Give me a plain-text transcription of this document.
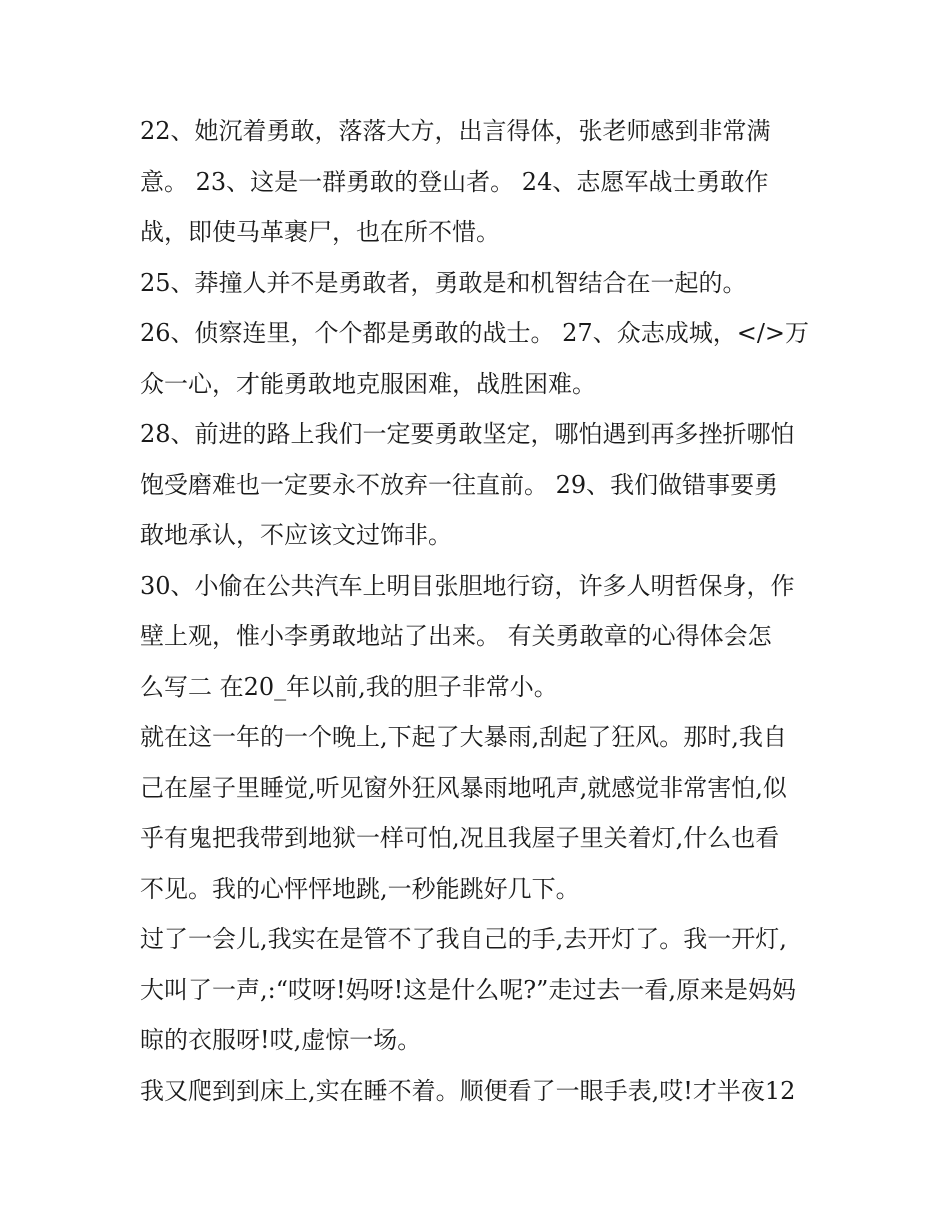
22、她沉着勇敢，落落大方，出言得体，张老师感到非常满
意。 23、这是一群勇敢的登山者。 24、志愿军战士勇敢作
战，即使马革裹尸，也在所不惜。
25、莽撞人并不是勇敢者，勇敢是和机智结合在一起的。
26、侦察连里，个个都是勇敢的战士。 27、众志成城，</>万
众一心，才能勇敢地克服困难，战胜困难。
28、前进的路上我们一定要勇敢坚定，哪怕遇到再多挫折哪怕
饱受磨难也一定要永不放弃一往直前。 29、我们做错事要勇
敢地承认，不应该文过饰非。
30、小偷在公共汽车上明目张胆地行窃，许多人明哲保身，作
壁上观，惟小李勇敢地站了出来。 有关勇敢章的心得体会怎
么写二 在20_年以前,我的胆子非常小。
就在这一年的一个晚上,下起了大暴雨,刮起了狂风。那时,我自
己在屋子里睡觉,听见窗外狂风暴雨地吼声,就感觉非常害怕,似
乎有鬼把我带到地狱一样可怕,况且我屋子里关着灯,什么也看
不见。我的心怦怦地跳,一秒能跳好几下。
过了一会儿,我实在是管不了我自己的手,去开灯了。我一开灯,
大叫了一声,:“哎呀!妈呀!这是什么呢?”走过去一看,原来是妈妈
晾的衣服呀!哎,虚惊一场。
我又爬到到床上,实在睡不着。顺便看了一眼手表,哎!才半夜12
